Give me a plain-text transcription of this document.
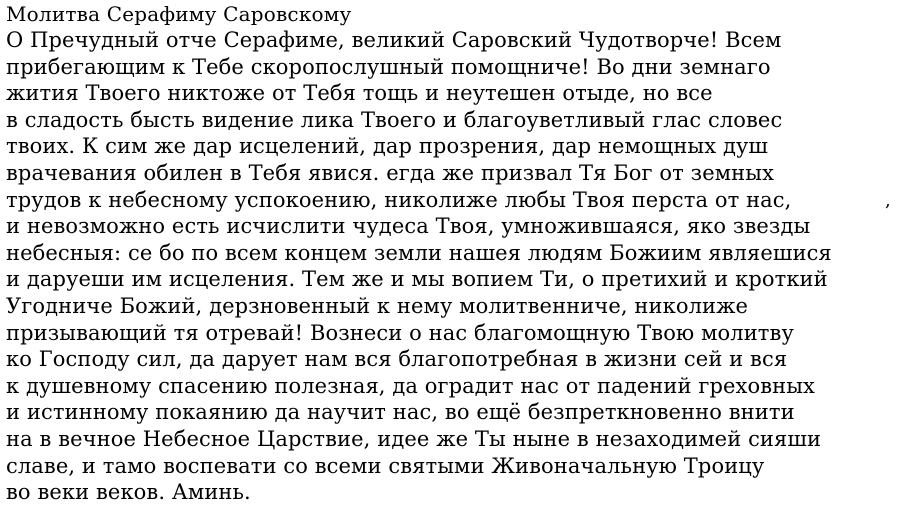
Молитва Серафиму Саровскому
О Пречудный отче Серафиме, великий Саровский Чудотворче! Всем
прибегающим к Тебе скоропослушный помощниче! Во дни земнаго
жития Твоего никтоже от Тебя тощь и неутешен отыде, но все
в сладость бысть видение лика Твоего и благоуветливый глас словес
твоих. К сим же дар исцелений, дар прозрения, дар немощных душ
врачевания обилен в Тебя явися. егда же призвал Тя Бог от земных
трудов к небесному успокоению, николиже любы Твоя перста от нас,
и невозможно есть исчислити чудеса Твоя, умножившаяся, яко звезды
небесныя: се бо по всем концем земли нашея людям Божиим являешися
и даруеши им исцеления. Тем же и мы вопием Ти, о претихий и кроткий
Угодниче Божий, дерзновенный к нему молитвенниче, николиже
призывающий тя отревай! Вознеси о нас благомощную Твою молитву
ко Господу сил, да дарует нам вся благопотребная в жизни сей и вся
к душевному спасению полезная, да оградит нас от падений греховных
и истинному покаянию да научит нас, во ещё безпреткновенно внити
на в вечное Небесное Царствие, идее же Ты ныне в незаходимей сияши
славе, и тамо воспевати со всеми святыми Живоначальную Троицу
во веки веков. Аминь.
,
